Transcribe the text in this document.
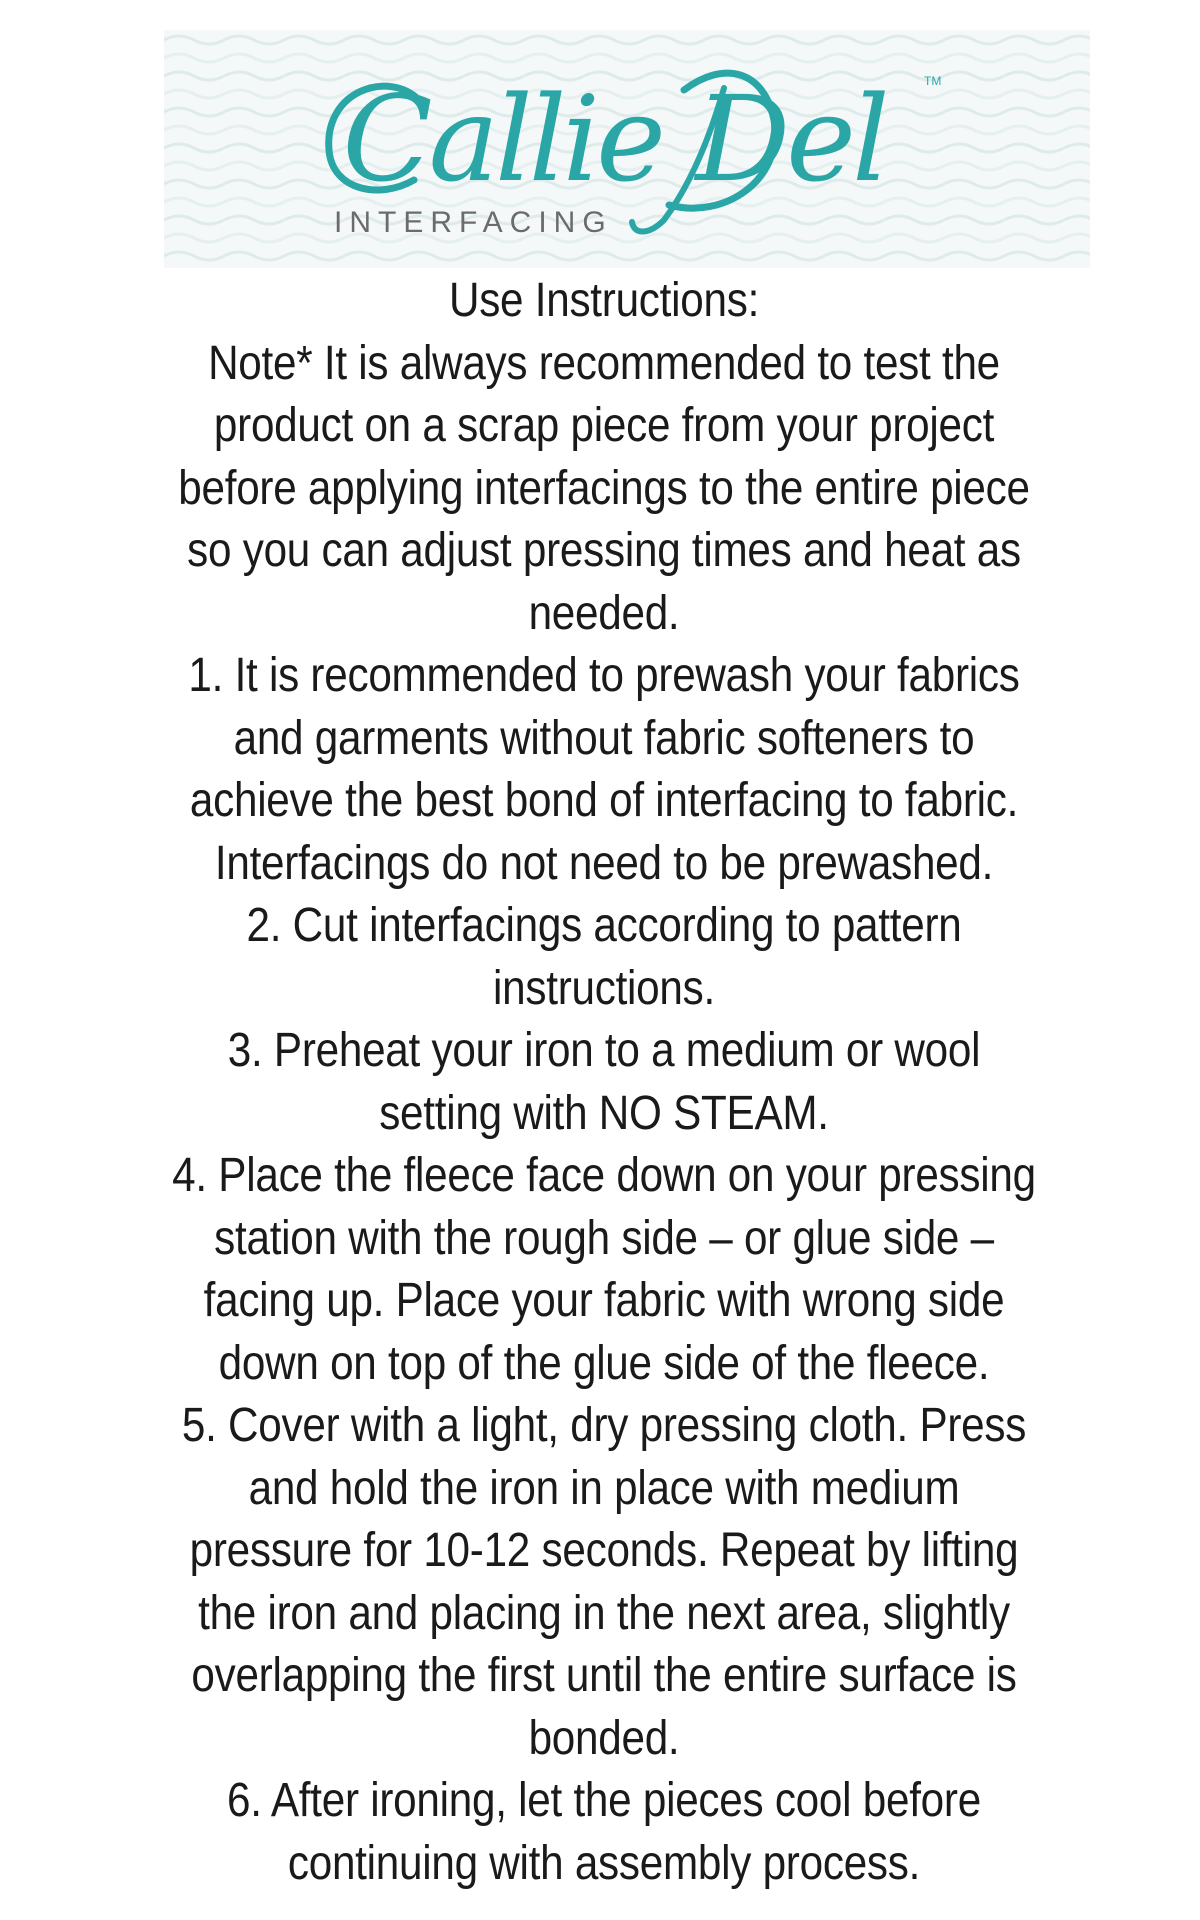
Callie Del	TM
INTERFACING
Use Instructions:
Note* It is always recommended to test the
product on a scrap piece from your project
before applying interfacings to the entire piece
so you can adjust pressing times and heat as
needed.
1. It is recommended to prewash your fabrics
and garments without fabric softeners to
achieve the best bond of interfacing to fabric.
Interfacings do not need to be prewashed.
2. Cut interfacings according to pattern
instructions.
3. Preheat your iron to a medium or wool
setting with NO STEAM.
4. Place the fleece face down on your pressing
station with the rough side – or glue side –
facing up. Place your fabric with wrong side
down on top of the glue side of the fleece.
5. Cover with a light, dry pressing cloth. Press
and hold the iron in place with medium
pressure for 10-12 seconds. Repeat by lifting
the iron and placing in the next area, slightly
overlapping the first until the entire surface is
bonded.
6. After ironing, let the pieces cool before
continuing with assembly process.
